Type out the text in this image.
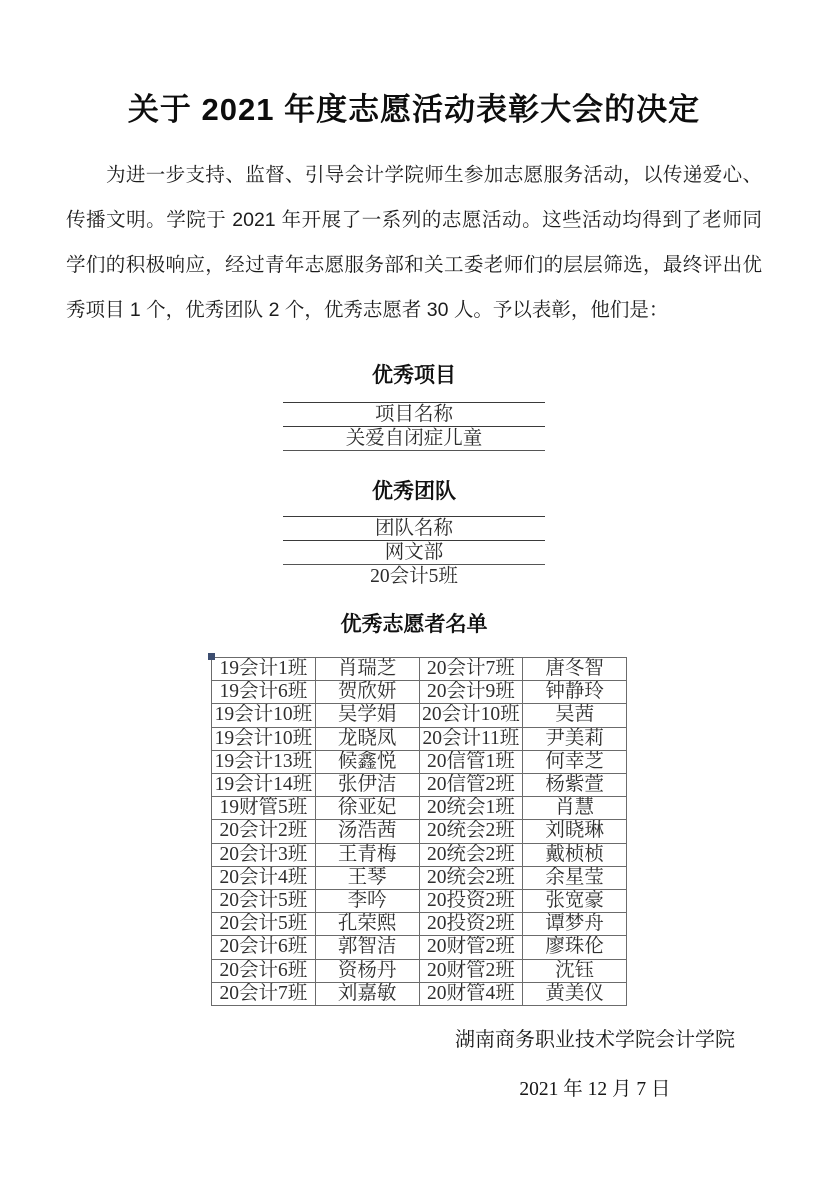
关于 2021 年度志愿活动表彰大会的决定

为进一步支持、监督、引导会计学院师生参加志愿服务活动，以传递爱心、传播文明。学院于 2021 年开展了一系列的志愿活动。这些活动均得到了老师同学们的积极响应，经过青年志愿服务部和关工委老师们的层层筛选，最终评出优秀项目 1 个，优秀团队 2 个，优秀志愿者 30 人。予以表彰，他们是：

优秀项目
项目名称
关爱自闭症儿童
优秀团队
团队名称
网文部
20会计5班
优秀志愿者名单
19会计1班	肖瑞芝	20会计7班	唐冬智
19会计6班	贺欣妍	20会计9班	钟静玲
19会计10班	吴学娟	20会计10班	吴茜
19会计10班	龙晓凤	20会计11班	尹美莉
19会计13班	候鑫悦	20信管1班	何幸芝
19会计14班	张伊洁	20信管2班	杨紫萱
19财管5班	徐亚妃	20统会1班	肖慧
20会计2班	汤浩茜	20统会2班	刘晓琳
20会计3班	王青梅	20统会2班	戴桢桢
20会计4班	王琴	20统会2班	余星莹
20会计5班	李吟	20投资2班	张宽豪
20会计5班	孔荣熙	20投资2班	谭梦舟
20会计6班	郭智洁	20财管2班	廖珠伦
20会计6班	资杨丹	20财管2班	沈钰
20会计7班	刘嘉敏	20财管4班	黄美仪
湖南商务职业技术学院会计学院
2021 年 12 月 7 日
